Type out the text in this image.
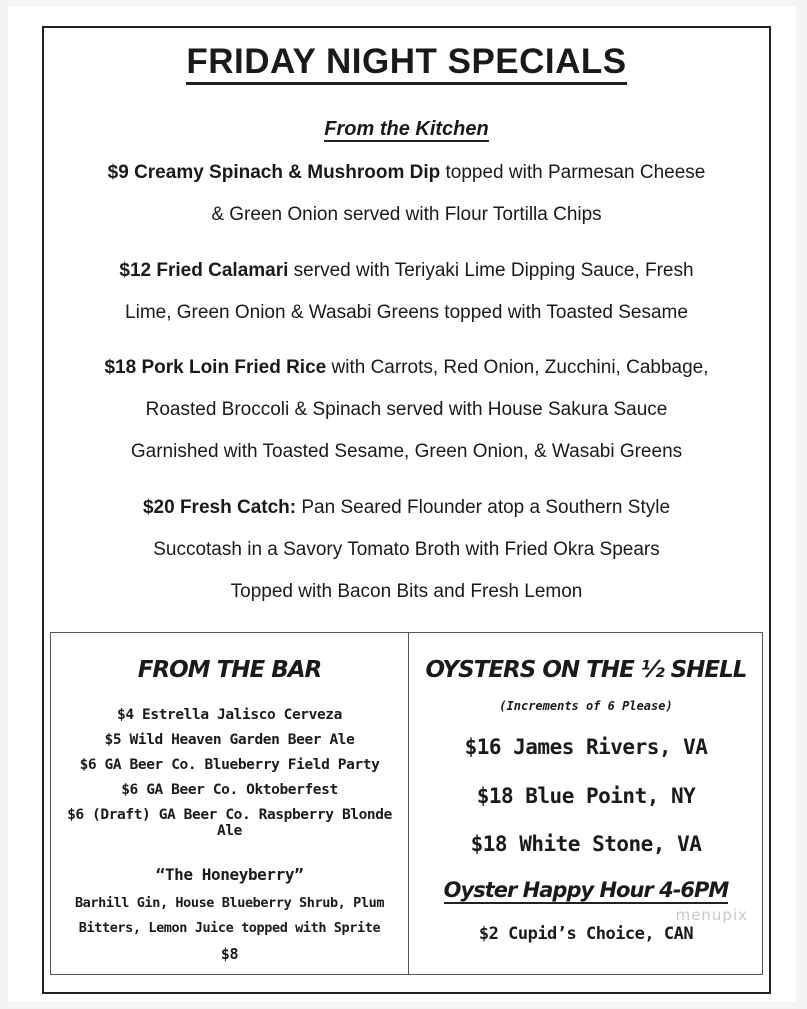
FRIDAY NIGHT SPECIALS
From the Kitchen
$9 Creamy Spinach & Mushroom Dip topped with Parmesan Cheese
& Green Onion served with Flour Tortilla Chips
$12 Fried Calamari served with Teriyaki Lime Dipping Sauce, Fresh
Lime, Green Onion & Wasabi Greens topped with Toasted Sesame
$18 Pork Loin Fried Rice with Carrots, Red Onion, Zucchini, Cabbage,
Roasted Broccoli & Spinach served with House Sakura Sauce
Garnished with Toasted Sesame, Green Onion, & Wasabi Greens
$20 Fresh Catch: Pan Seared Flounder atop a Southern Style
Succotash in a Savory Tomato Broth with Fried Okra Spears
Topped with Bacon Bits and Fresh Lemon
FROM THE BAR
$4 Estrella Jalisco Cerveza
$5 Wild Heaven Garden Beer Ale
$6 GA Beer Co. Blueberry Field Party
$6 GA Beer Co. Oktoberfest
$6 (Draft) GA Beer Co. Raspberry Blonde Ale
“The Honeyberry”
Barhill Gin, House Blueberry Shrub, Plum
Bitters, Lemon Juice topped with Sprite
$8
OYSTERS ON THE ½ SHELL
(Increments of 6 Please)
$16 James Rivers, VA
$18 Blue Point, NY
$18 White Stone, VA
Oyster Happy Hour 4-6PM
$2 Cupid’s Choice, CAN
menupix
